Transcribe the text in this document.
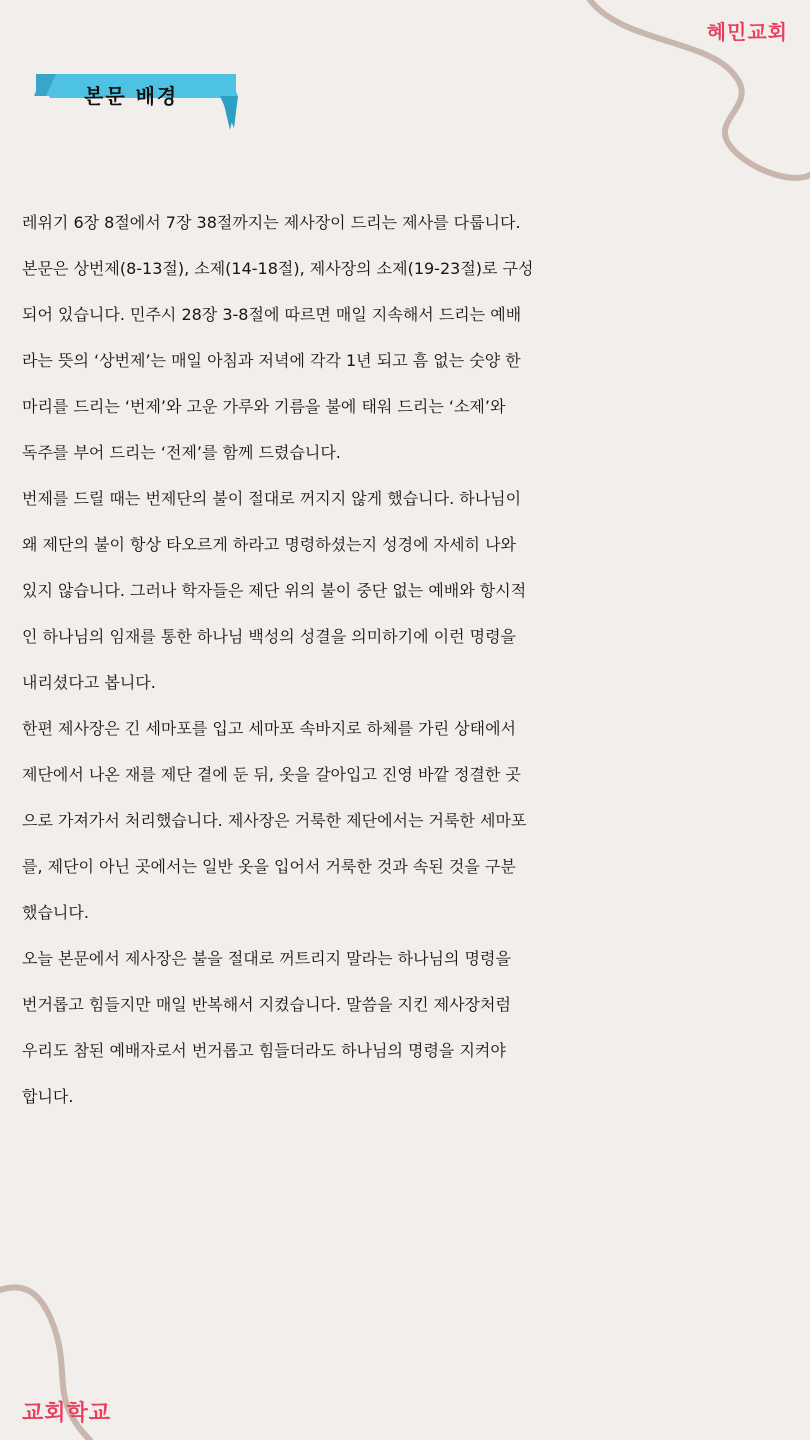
혜민교회
본문 배경
레위기 6장 8절에서 7장 38절까지는 제사장이 드리는 제사를 다룹니다.
본문은 상번제(8-13절), 소제(14-18절), 제사장의 소제(19-23절)로 구성
되어 있습니다. 민주시 28장 3-8절에 따르면 매일 지속해서 드리는 예배
라는 뜻의 ‘상번제’는 매일 아침과 저녁에 각각 1년 되고 흠 없는 숫양 한
마리를 드리는 ‘번제’와 고운 가루와 기름을 불에 태워 드리는 ‘소제’와
독주를 부어 드리는 ‘전제’를 함께 드렸습니다.
번제를 드릴 때는 번제단의 불이 절대로 꺼지지 않게 했습니다. 하나님이
왜 제단의 불이 항상 타오르게 하라고 명령하셨는지 성경에 자세히 나와
있지 않습니다. 그러나 학자들은 제단 위의 불이 중단 없는 예배와 항시적
인 하나님의 임재를 통한 하나님 백성의 성결을 의미하기에 이런 명령을
내리셨다고 봅니다.
한편 제사장은 긴 세마포를 입고 세마포 속바지로 하체를 가린 상태에서
제단에서 나온 재를 제단 곁에 둔 뒤, 옷을 갈아입고 진영 바깥 정결한 곳
으로 가져가서 처리했습니다. 제사장은 거룩한 제단에서는 거룩한 세마포
를, 제단이 아닌 곳에서는 일반 옷을 입어서 거룩한 것과 속된 것을 구분
했습니다.
오늘 본문에서 제사장은 불을 절대로 꺼트리지 말라는 하나님의 명령을
번거롭고 힘들지만 매일 반복해서 지켰습니다. 말씀을 지킨 제사장처럼
우리도 참된 예배자로서 번거롭고 힘들더라도 하나님의 명령을 지켜야
합니다.
교회학교
